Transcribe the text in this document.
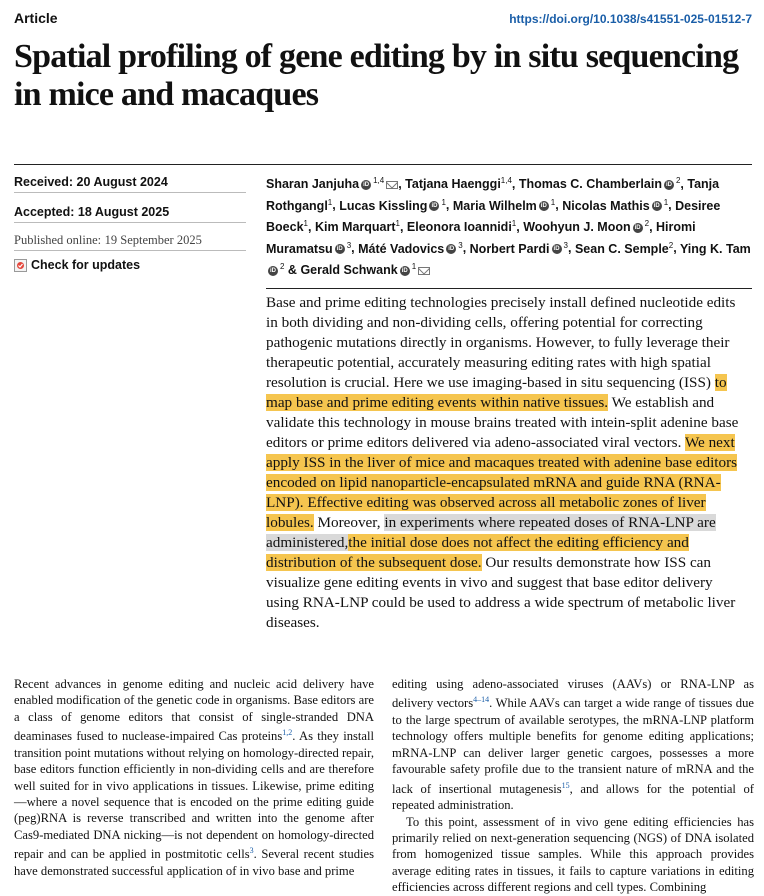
Article	https://doi.org/10.1038/s41551-025-01512-7
Spatial profiling of gene editing by in situ sequencing in mice and macaques
Received: 20 August 2024
Accepted: 18 August 2025
Published online: 19 September 2025
Check for updates
Sharan Janjuha iD $^{1,4}$ , Tatjana Haenggi$^{1,4}$, Thomas C. Chamberlain iD $^2$, Tanja Rothgangl$^1$, Lucas Kissling iD $^1$, Maria Wilhelm iD $^1$, Nicolas Mathis iD $^1$, Desiree Boeck$^1$, Kim Marquart$^1$, Eleonora Ioannidi$^1$, Woohyun J. Moon iD $^2$, Hiromi Muramatsu iD $^3$, Máté Vadovics iD $^3$, Norbert Pardi iD $^3$, Sean C. Semple$^2$, Ying K. TamiD $^2$ & Gerald Schwank iD $^1$

Base and prime editing technologies precisely install defined nucleotide edits in both dividing and non-dividing cells, offering potential for correcting pathogenic mutations directly in organisms. However, to fully leverage their therapeutic potential, accurately measuring editing rates with high spatial resolution is crucial. Here we use imaging-based in situ sequencing (ISS) to map base and prime editing events within native tissues. We establish and validate this technology in mouse brains treated with intein-split adenine base editors or prime editors delivered via adeno-associated viral vectors. We next apply ISS in the liver of mice and macaques treated with adenine base editors encoded on lipid nanoparticle-encapsulated mRNA and guide RNA (RNA-LNP). Effective editing was observed across all metabolic zones of liver lobules. Moreover, in experiments where repeated doses of RNA-LNP are administered,the initial dose does not affect the editing efficiency and distribution of the subsequent dose. Our results demonstrate how ISS can visualize gene editing events in vivo and suggest that base editor delivery using RNA-LNP could be used to address a wide spectrum of metabolic liver diseases.

Recent advances in genome editing and nucleic acid delivery have enabled modification of the genetic code in organisms. Base editors are a class of genome editors that consist of single-stranded DNA deaminases fused to nuclease-impaired Cas proteins$^{1,2}$. As they install transition point mutations without relying on homology-directed repair, base editors function efficiently in non-dividing cells and are therefore well suited for in vivo applications in tissues. Likewise, prime editing—where a novel sequence that is encoded on the prime editing guide (peg)RNA is reverse transcribed and written into the genome after Cas9-mediated DNA nicking—is not dependent on homology-directed repair and can be applied in postmitotic cells$^3$. Several recent studies have demonstrated successful application of in vivo base and prime

editing using adeno-associated viruses (AAVs) or RNA-LNP as delivery vectors$^{4-14}$. While AAVs can target a wide range of tissues due to the large spectrum of available serotypes, the mRNA-LNP platform technology offers multiple benefits for genome editing applications; mRNA-LNP can deliver larger genetic cargoes, possesses a more favourable safety profile due to the transient nature of mRNA and the lack of insertional mutagenesis$^{15}$, and allows for the potential of repeated administration.

To this point, assessment of in vivo gene editing efficiencies has primarily relied on next-generation sequencing (NGS) of DNA isolated from homogenized tissue samples. While this approach provides average editing rates in tissues, it fails to capture variations in editing efficiencies across different regions and cell types. Combining
